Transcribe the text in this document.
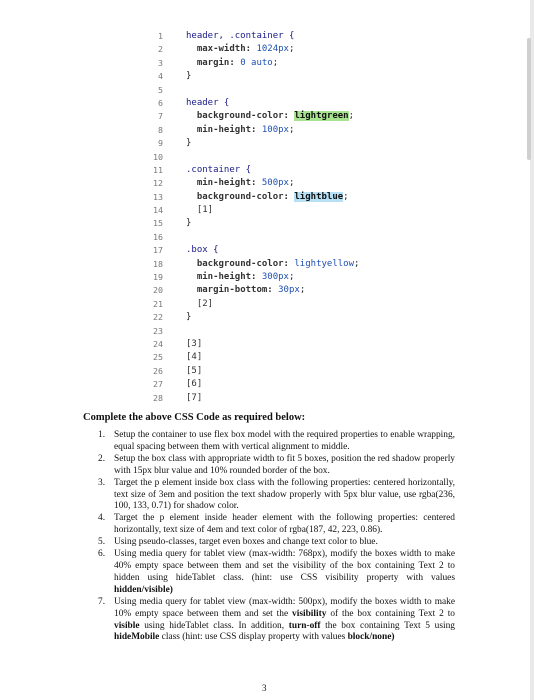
1	header, .container {
2	max-width: 1024px;
3	margin: 0 auto;
4	}
5
6	header {
7	background-color: lightgreen;
8	min-height: 100px;
9	}
10
11	.container {
12	min-height: 500px;
13	background-color: lightblue;
14	[1]
15	}
16
17	.box {
18	background-color: lightyellow;
19	min-height: 300px;
20	margin-bottom: 30px;
21	[2]
22	}
23
24	[3]
25	[4]
26	[5]
27	[6]
28	[7]
Complete the above CSS Code as required below:
1. Setup the container to use flex box model with the required properties to enable wrapping, equal spacing between them with vertical alignment to middle.
2. Setup the box class with appropriate width to fit 5 boxes, position the red shadow properly with 15px blur value and 10% rounded border of the box.
3. Target the p element inside box class with the following properties: centered horizontally, text size of 3em and position the text shadow properly with 5px blur value, use rgba(236, 100, 133, 0.71) for shadow color.
4. Target the p element inside header element with the following properties: centered horizontally, text size of 4em and text color of rgba(187, 42, 223, 0.86).
5. Using pseudo-classes, target even boxes and change text color to blue.
6. Using media query for tablet view (max-width: 768px), modify the boxes width to make 40% empty space between them and set the visibility of the box containing Text 2 to hidden using hideTablet class. (hint: use CSS visibility property with values hidden/visible)
7. Using media query for tablet view (max-width: 500px), modify the boxes width to make 10% empty space between them and set the visibility of the box containing Text 2 to visible using hideTablet class. In addition, turn-off the box containing Text 5 using hideMobile class (hint: use CSS display property with values block/none)
3
